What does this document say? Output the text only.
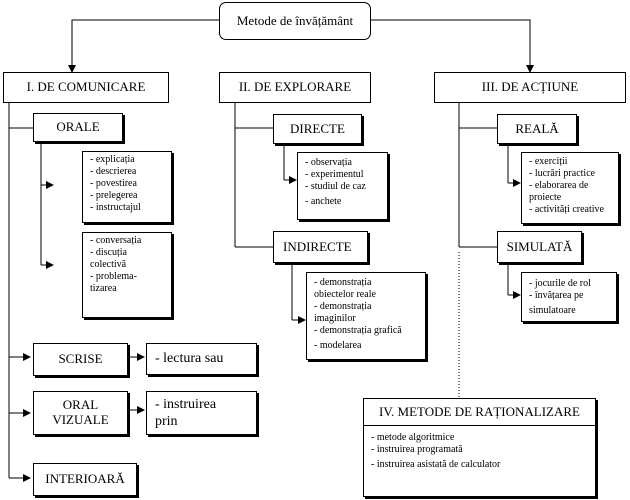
Metode de învățământ
I. DE COMUNICARE	II. DE EXPLORARE	III. DE ACȚIUNE
ORALE
- explicația
- descrierea
- povestirea
- prelegerea
- instructajul
- conversația
- discuția
colectivă
- problema-
tizarea
SCRISE	- lectura sau
ORAL
VIZUALE
- instruirea
prin
INTERIOARĂ
DIRECTE
- observația
- experimentul
- studiul de caz
- anchete
INDIRECTE
- demonstrația
obiectelor reale
- demonstrația
imaginilor
- demonstrația grafică
- modelarea
REALĂ
- exerciții
- lucrări practice
- elaborarea de
proiecte
- activități creative
SIMULATĂ
- jocurile de rol
- învățarea pe
simulatoare
IV. METODE DE RAȚIONALIZARE
- metode algoritmice
- instruirea programată
- instruirea asistată de calculator
